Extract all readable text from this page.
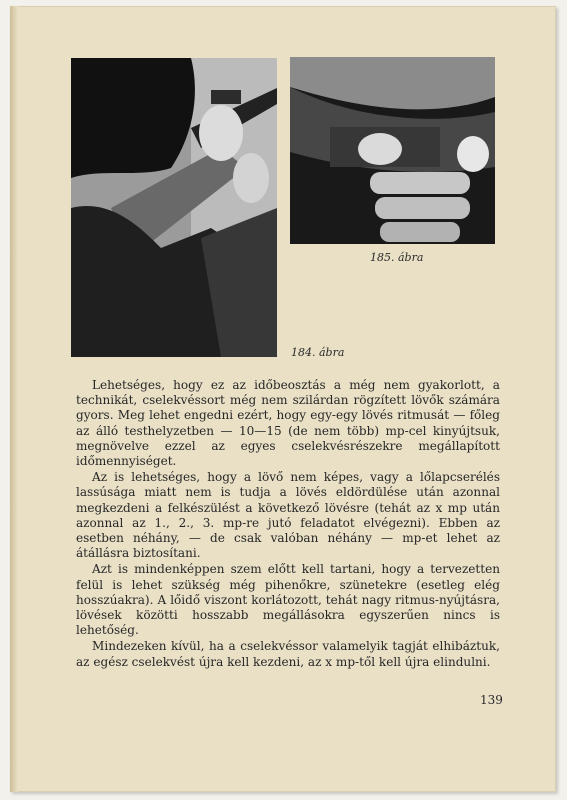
184. ábra
185. ábra

Lehetséges, hogy ez az időbeosztás a még nem gyakorlott, a technikát, cselekvéssort még nem szilárdan rögzített lövők számára gyors. Meg lehet engedni ezért, hogy egy-egy lövés ritmusát — főleg az álló testhelyzetben — 10—15 (de nem több) mp-cel kinyújtsuk, megnövelve ezzel az egyes cselekvésrészekre megállapított időmennyiséget.

Az is lehetséges, hogy a lövő nem képes, vagy a lőlapcserélés lassúsága miatt nem is tudja a lövés eldördülése után azonnal megkezdeni a felkészülést a következő lövésre (tehát az x mp után azonnal az 1., 2., 3. mp-re jutó feladatot elvégezni). Ebben az esetben néhány, — de csak valóban néhány — mp-et lehet az átállásra biztosítani.

Azt is mindenképpen szem előtt kell tartani, hogy a tervezetten felül is lehet szükség még pihenőkre, szünetekre (esetleg elég hosszúakra). A lőidő viszont korlátozott, tehát nagy ritmus-nyújtásra, lövések közötti hosszabb megállásokra egyszerűen nincs is lehetőség.

Mindezeken kívül, ha a cselekvéssor valamelyik tagját elhibáztuk, az egész cselekvést újra kell kezdeni, az x mp-től kell újra elindulni.

139
